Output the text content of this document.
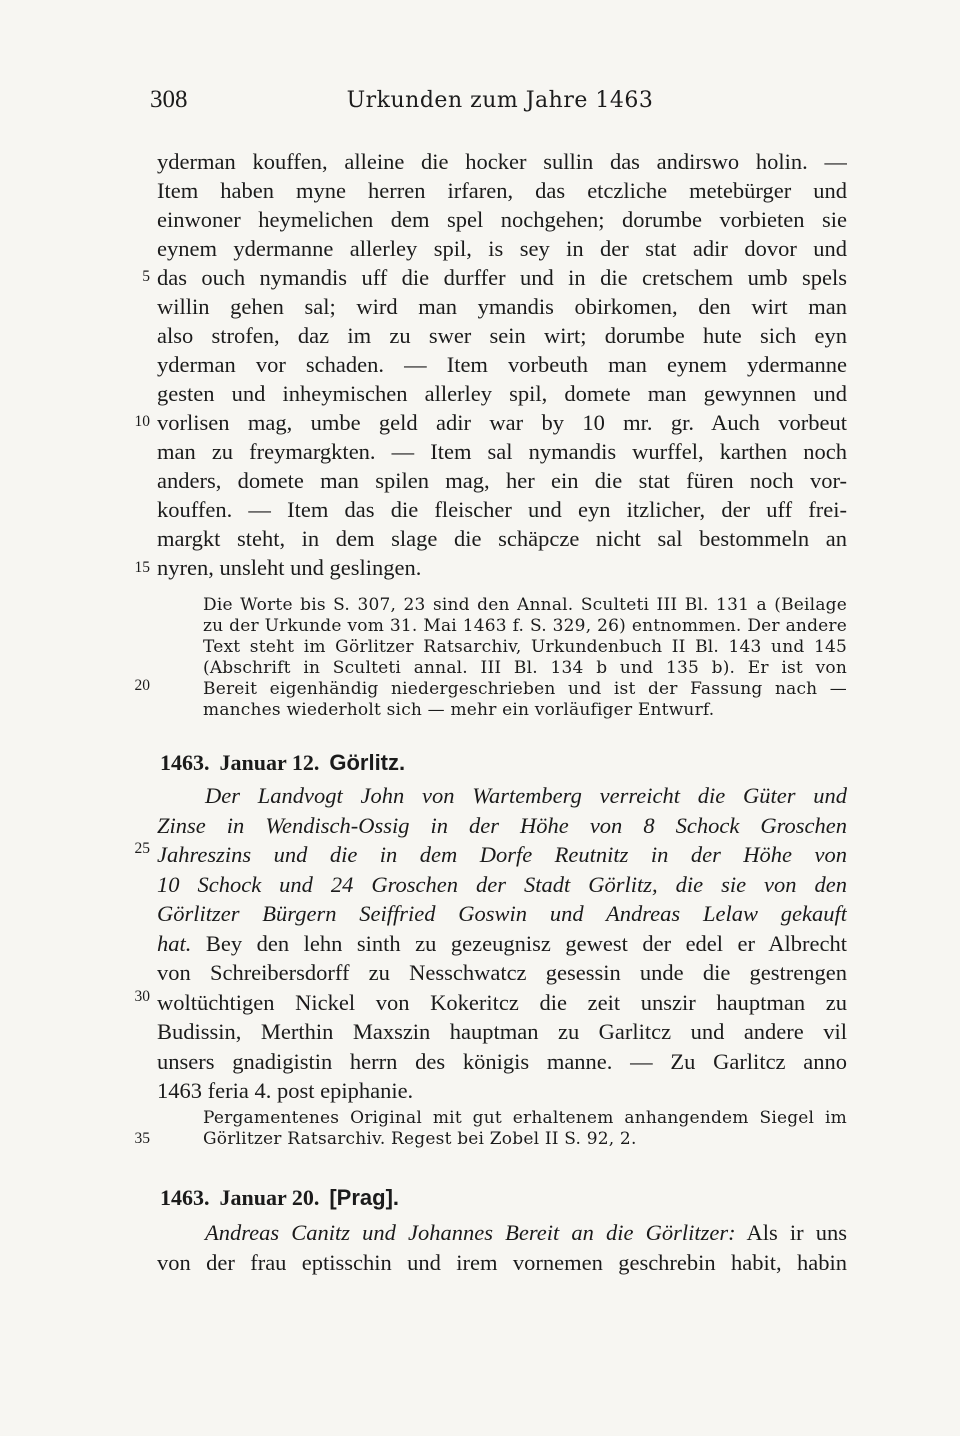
308	Urkunden zum Jahre 1463
5
10
15
20
25
30
35
yderman kouffen, alleine die hocker sullin das andirswo holin. —
Item haben myne herren irfaren, das etczliche metebürger und
einwoner heymelichen dem spel nochgehen; dorumbe vorbieten sie
eynem ydermanne allerley spil, is sey in der stat adir dovor und
das ouch nymandis uff die durffer und in die cretschem umb spels
willin gehen sal; wird man ymandis obirkomen, den wirt man
also strofen, daz im zu swer sein wirt; dorumbe hute sich eyn
yderman vor schaden. — Item vorbeuth man eynem ydermanne
gesten und inheymischen allerley spil, domete man gewynnen und
vorlisen mag, umbe geld adir war by 10 mr. gr. Auch vorbeut
man zu freymargkten. — Item sal nymandis wurffel, karthen noch
anders, domete man spilen mag, her ein die stat füren noch vor-
kouffen. — Item das die fleischer und eyn itzlicher, der uff frei-
margkt steht, in dem slage die schäpcze nicht sal bestommeln an
nyren, unsleht und geslingen.
Die Worte bis S. 307, 23 sind den Annal. Sculteti III Bl. 131 a (Beilage
zu der Urkunde vom 31. Mai 1463 f. S. 329, 26) entnommen. Der andere
Text steht im Görlitzer Ratsarchiv, Urkundenbuch II Bl. 143 und 145
(Abschrift in Sculteti annal. III Bl. 134 b und 135 b). Er ist von
Bereit eigenhändig niedergeschrieben und ist der Fassung nach —
manches wiederholt sich — mehr ein vorläufiger Entwurf.
1463. Januar 12. Görlitz.
Der Landvogt John von Wartemberg verreicht die Güter und
Zinse in Wendisch-Ossig in der Höhe von 8 Schock Groschen
Jahreszins und die in dem Dorfe Reutnitz in der Höhe von
10 Schock und 24 Groschen der Stadt Görlitz, die sie von den
Görlitzer Bürgern Seiffried Goswin und Andreas Lelaw gekauft
hat. Bey den lehn sinth zu gezeugnisz gewest der edel er Albrecht
von Schreibersdorff zu Nesschwatcz gesessin unde die gestrengen
woltüchtigen Nickel von Kokeritcz die zeit unszir hauptman zu
Budissin, Merthin Maxszin hauptman zu Garlitcz und andere vil
unsers gnadigistin herrn des königis manne. — Zu Garlitcz anno
1463 feria 4. post epiphanie.
Pergamentenes Original mit gut erhaltenem anhangendem Siegel im
Görlitzer Ratsarchiv. Regest bei Zobel II S. 92, 2.
1463. Januar 20. [Prag].
Andreas Canitz und Johannes Bereit an die Görlitzer: Als ir uns
von der frau eptisschin und irem vornemen geschrebin habit, habin
